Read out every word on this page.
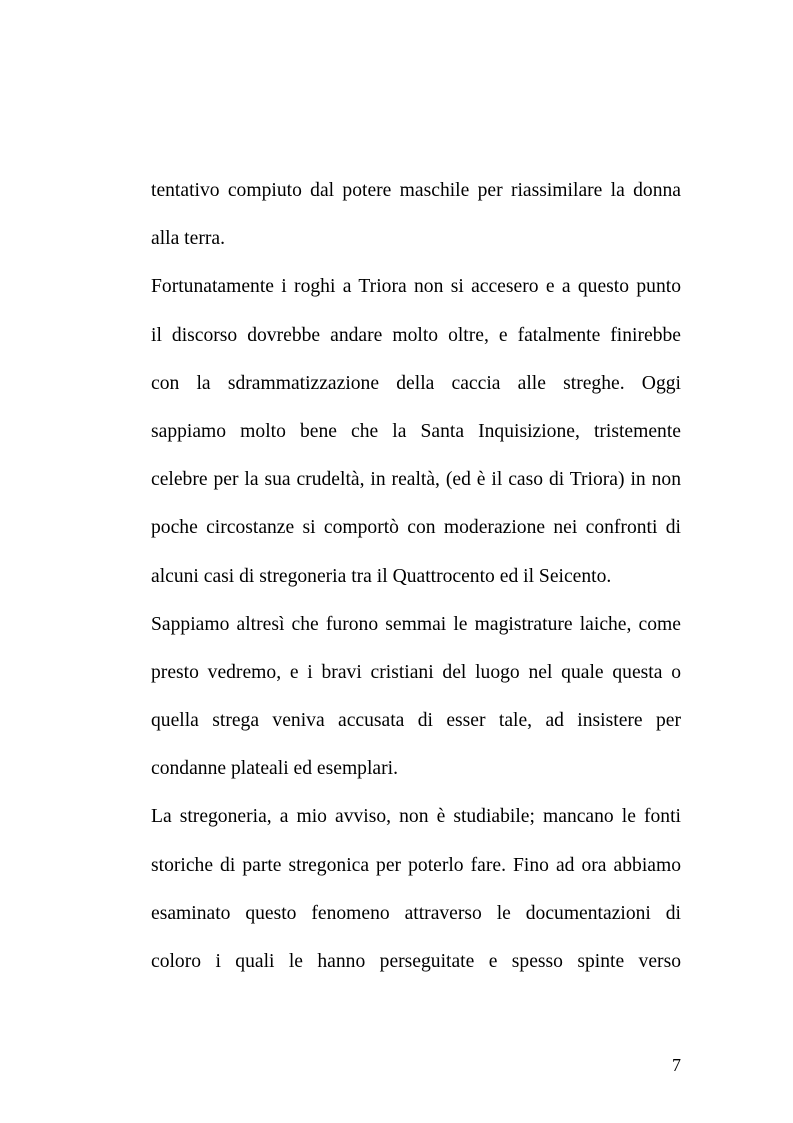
tentativo compiuto dal potere maschile per riassimilare la donna
alla terra.

Fortunatamente i roghi a Triora non si accesero e a questo punto
il discorso dovrebbe andare molto oltre, e fatalmente finirebbe
con la sdrammatizzazione della caccia alle streghe. Oggi
sappiamo molto bene che la Santa Inquisizione, tristemente
celebre per la sua crudeltà, in realtà, (ed è il caso di Triora) in non
poche circostanze si comportò con moderazione nei confronti di
alcuni casi di stregoneria tra il Quattrocento ed il Seicento.

Sappiamo altresì che furono semmai le magistrature laiche, come
presto vedremo, e i bravi cristiani del luogo nel quale questa o
quella strega veniva accusata di esser tale, ad insistere per
condanne plateali ed esemplari.

La stregoneria, a mio avviso, non è studiabile; mancano le fonti
storiche di parte stregonica per poterlo fare. Fino ad ora abbiamo
esaminato questo fenomeno attraverso le documentazioni di
coloro i quali le hanno perseguitate e spesso spinte verso

7
